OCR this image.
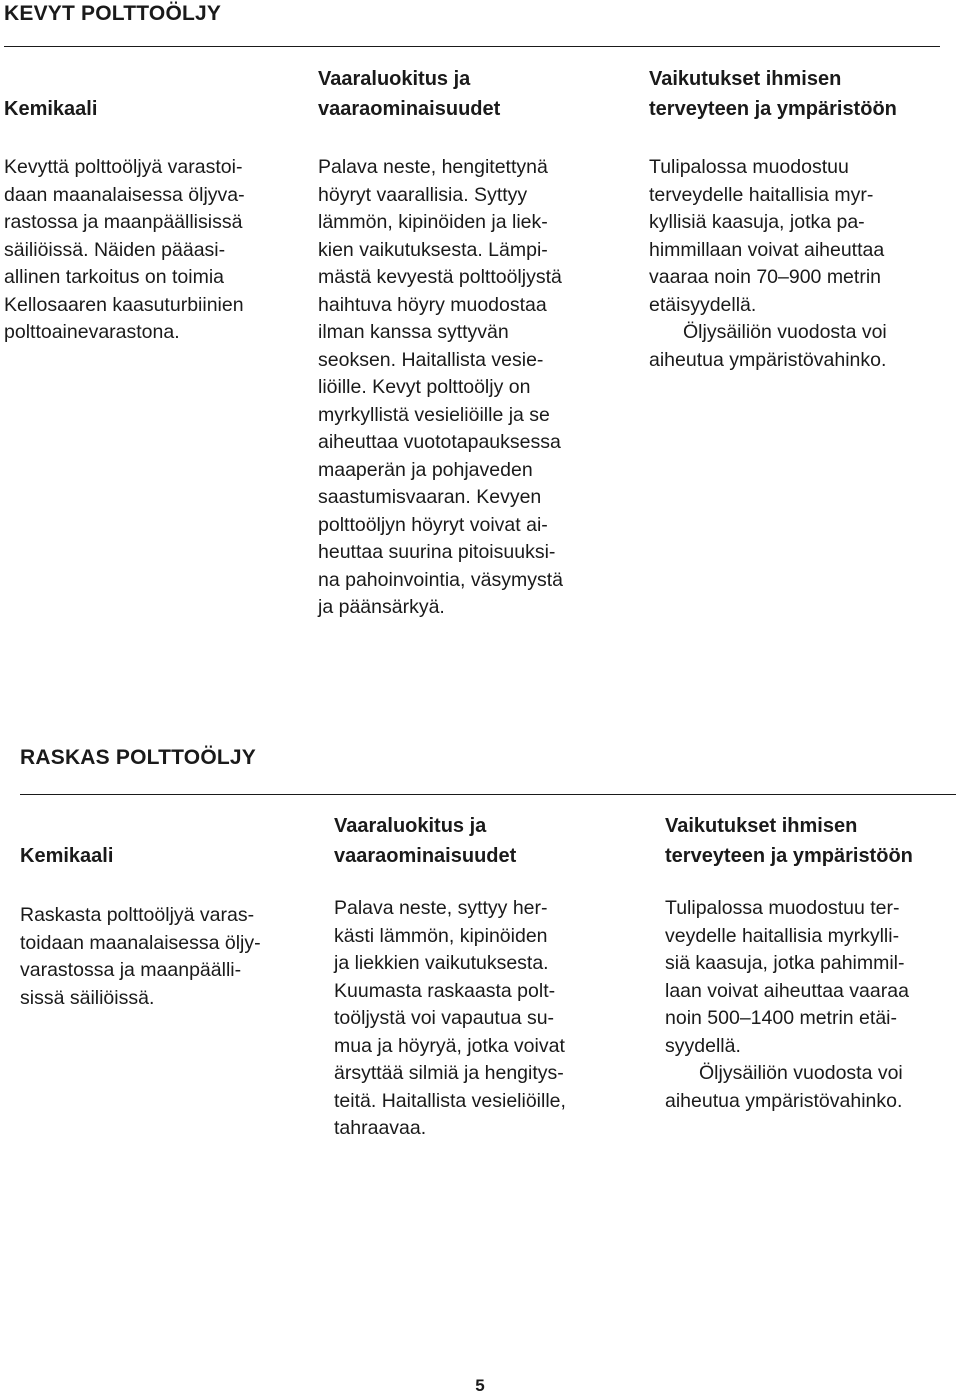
KEVYT POLTTOÖLJY
Kemikaali

Kevyttä polttoöljyä varastoi-
daan maanalaisessa öljyva-
rastossa ja maanpäällisissä
säiliöissä. Näiden pääasi-
allinen tarkoitus on toimia
Kellosaaren kaasuturbiinien
polttoainevarastona.

Vaaraluokitus ja
vaaraominaisuudet

Palava neste, hengitettynä
höyryt vaarallisia. Syttyy
lämmön, kipinöiden ja liek-
kien vaikutuksesta. Lämpi-
mästä kevyestä polttoöljystä
haihtuva höyry muodostaa
ilman kanssa syttyvän
seoksen. Haitallista vesie-
liöille. Kevyt polttoöljy on
myrkyllistä vesieliöille ja se
aiheuttaa vuototapauksessa
maaperän ja pohjaveden
saastumisvaaran. Kevyen
polttoöljyn höyryt voivat ai-
heuttaa suurina pitoisuuksi-
na pahoinvointia, väsymystä
ja päänsärkyä.

Vaikutukset ihmisen
terveyteen ja ympäristöön

Tulipalossa muodostuu
terveydelle haitallisia myr-
kyllisiä kaasuja, jotka pa-
himmillaan voivat aiheuttaa
vaaraa noin 70–900 metrin
etäisyydellä.
Öljysäiliön vuodosta voi
aiheutua ympäristövahinko.

RASKAS POLTTOÖLJY
Kemikaali

Raskasta polttoöljyä varas-
toidaan maanalaisessa öljy-
varastossa ja maanpäälli-
sissä säiliöissä.

Vaaraluokitus ja
vaaraominaisuudet

Palava neste, syttyy her-
kästi lämmön, kipinöiden
ja liekkien vaikutuksesta.
Kuumasta raskaasta polt-
toöljystä voi vapautua su-
mua ja höyryä, jotka voivat
ärsyttää silmiä ja hengitys-
teitä. Haitallista vesieliöille,
tahraavaa.

Vaikutukset ihmisen
terveyteen ja ympäristöön

Tulipalossa muodostuu ter-
veydelle haitallisia myrkylli-
siä kaasuja, jotka pahimmil-
laan voivat aiheuttaa vaaraa
noin 500–1400 metrin etäi-
syydellä.
Öljysäiliön vuodosta voi
aiheutua ympäristövahinko.

5
